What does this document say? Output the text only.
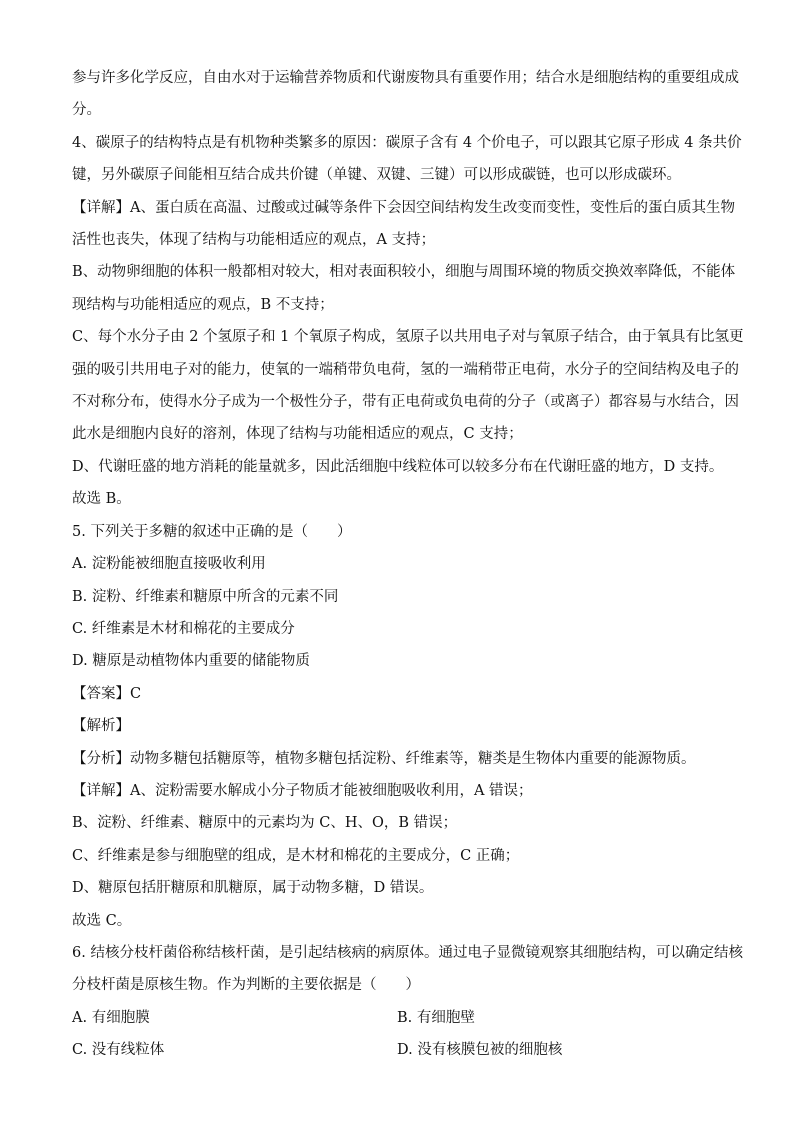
参与许多化学反应，自由水对于运输营养物质和代谢废物具有重要作用；结合水是细胞结构的重要组成成

分。

4、碳原子的结构特点是有机物种类繁多的原因：碳原子含有 4 个价电子，可以跟其它原子形成 4 条共价

键，另外碳原子间能相互结合成共价键（单键、双键、三键）可以形成碳链，也可以形成碳环。

【详解】A、蛋白质在高温、过酸或过碱等条件下会因空间结构发生改变而变性，变性后的蛋白质其生物

活性也丧失，体现了结构与功能相适应的观点，A 支持；

B、动物卵细胞的体积一般都相对较大，相对表面积较小，细胞与周围环境的物质交换效率降低，不能体

现结构与功能相适应的观点，B 不支持；

C、每个水分子由 2 个氢原子和 1 个氧原子构成，氢原子以共用电子对与氧原子结合，由于氧具有比氢更

强的吸引共用电子对的能力，使氧的一端稍带负电荷，氢的一端稍带正电荷，水分子的空间结构及电子的

不对称分布，使得水分子成为一个极性分子，带有正电荷或负电荷的分子（或离子）都容易与水结合，因

此水是细胞内良好的溶剂，体现了结构与功能相适应的观点，C 支持；

D、代谢旺盛的地方消耗的能量就多，因此活细胞中线粒体可以较多分布在代谢旺盛的地方，D 支持。

故选 B。

5. 下列关于多糖的叙述中正确的是（　　）

A. 淀粉能被细胞直接吸收利用

B. 淀粉、纤维素和糖原中所含的元素不同

C. 纤维素是木材和棉花的主要成分

D. 糖原是动植物体内重要的储能物质

【答案】C

【解析】

【分析】动物多糖包括糖原等，植物多糖包括淀粉、纤维素等，糖类是生物体内重要的能源物质。

【详解】A、淀粉需要水解成小分子物质才能被细胞吸收利用，A 错误；

B、淀粉、纤维素、糖原中的元素均为 C、H、O，B 错误；

C、纤维素是参与细胞壁的组成，是木材和棉花的主要成分，C 正确；

D、糖原包括肝糖原和肌糖原，属于动物多糖，D 错误。

故选 C。

6. 结核分枝杆菌俗称结核杆菌，是引起结核病的病原体。通过电子显微镜观察其细胞结构，可以确定结核

分枝杆菌是原核生物。作为判断的主要依据是（　　）

A. 有细胞膜	B. 有细胞壁
C. 没有线粒体	D. 没有核膜包被的细胞核
